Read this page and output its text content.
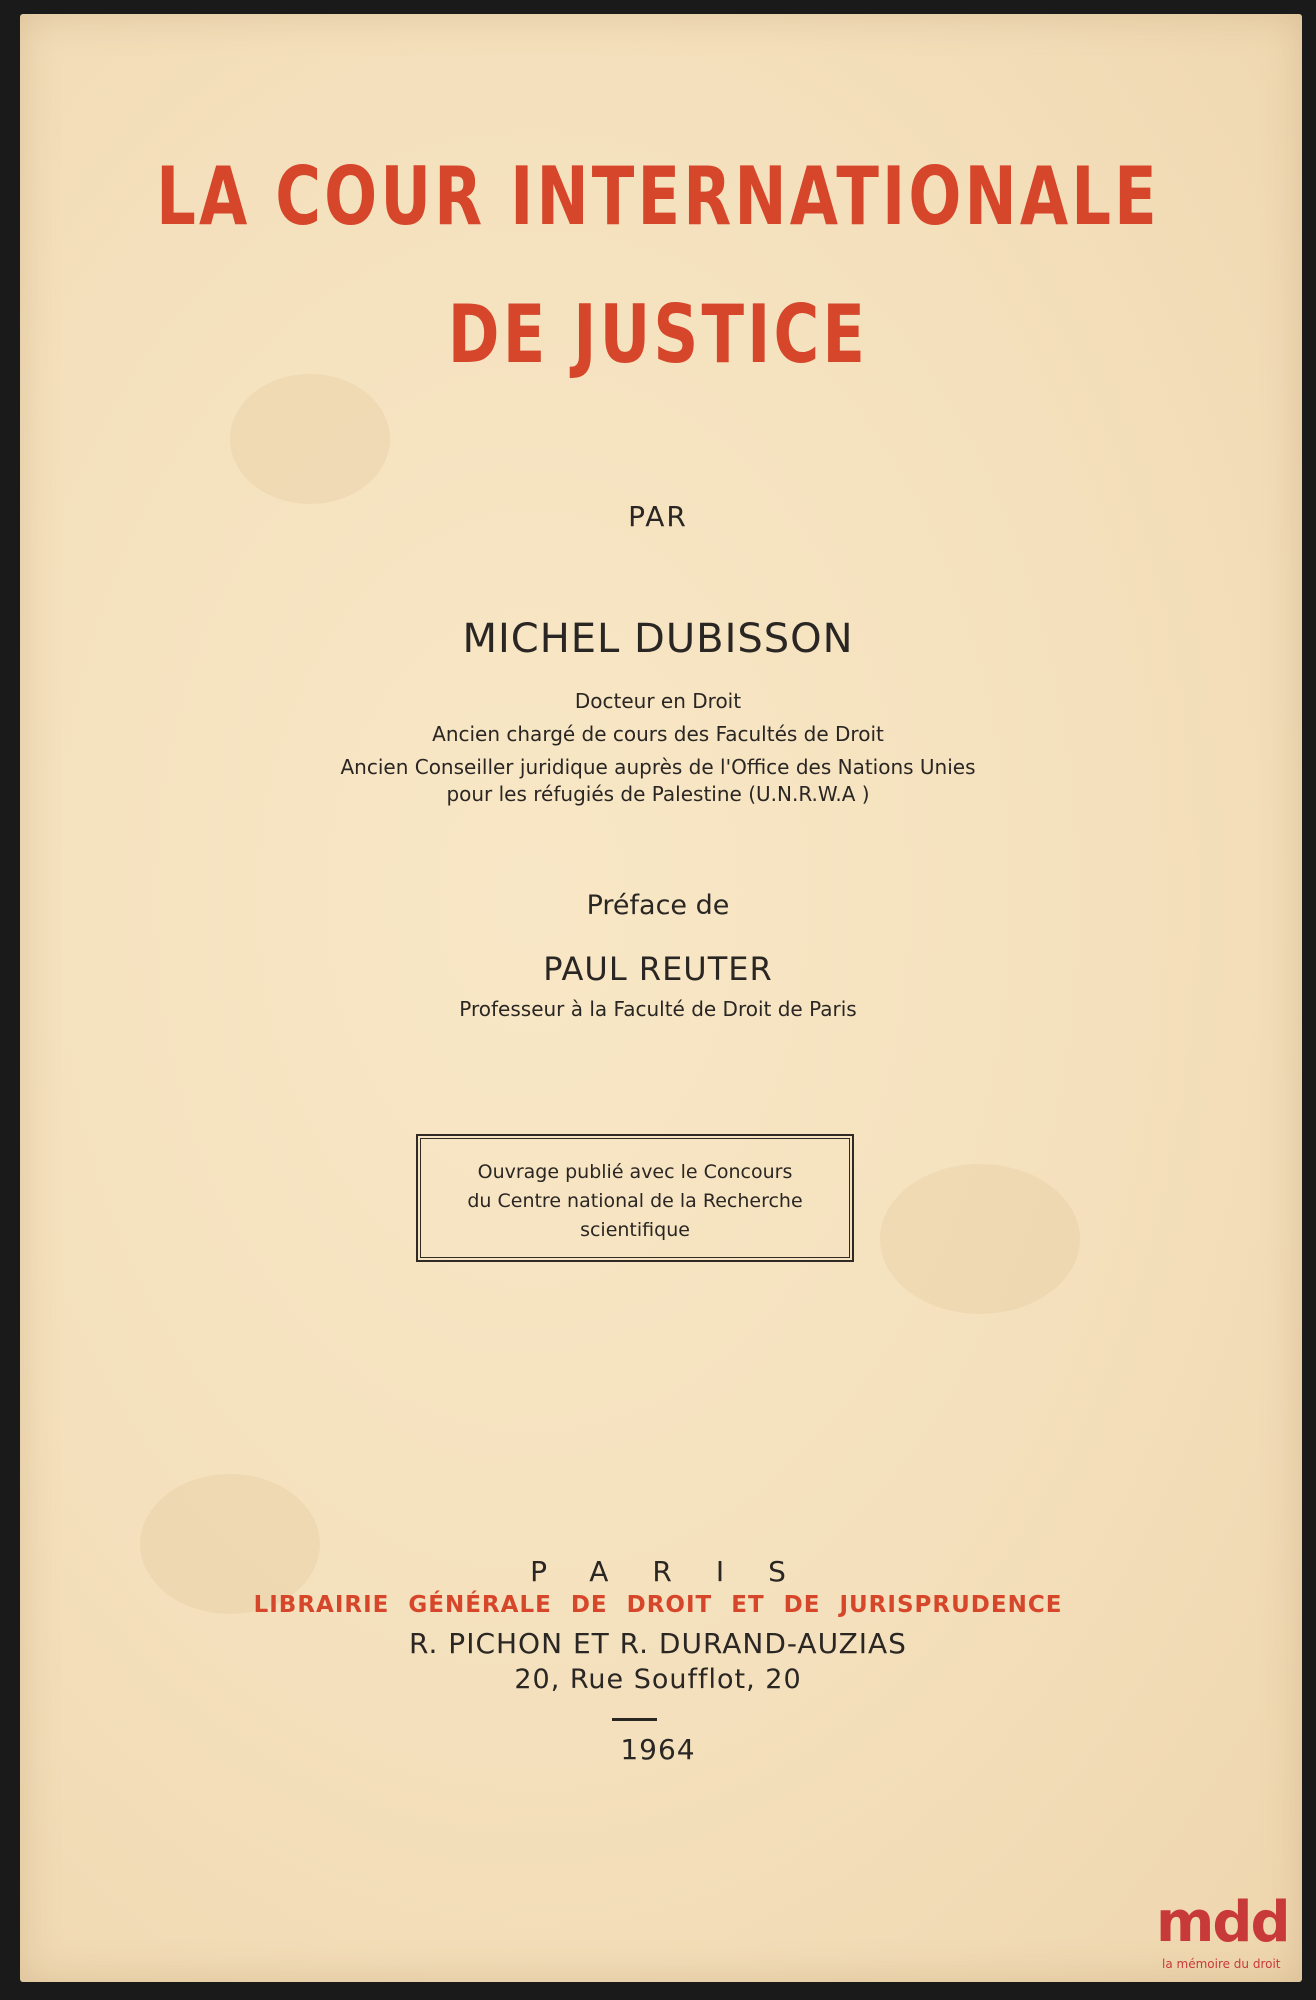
LA COUR INTERNATIONALE
DE JUSTICE
PAR
MICHEL DUBISSON
Docteur en Droit
Ancien chargé de cours des Facultés de Droit
Ancien Conseiller juridique auprès de l'Office des Nations Unies
pour les réfugiés de Palestine (U.N.R.W.A )
Préface de
PAUL REUTER
Professeur à la Faculté de Droit de Paris
Ouvrage publié avec le Concours
du Centre national de la Recherche
scientifique
PARIS
LIBRAIRIE GÉNÉRALE DE DROIT ET DE JURISPRUDENCE
R. PICHON ET R. DURAND-AUZIAS
20, Rue Soufflot, 20
1964
mdd
la mémoire du droit
